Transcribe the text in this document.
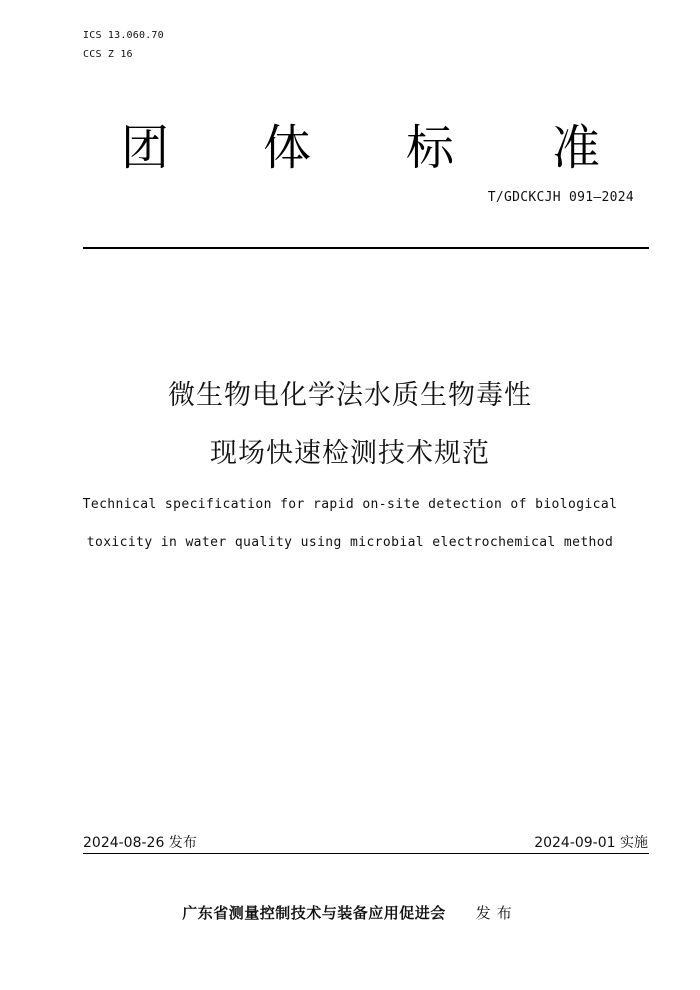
ICS 13.060.70
CCS Z 16
团 体 标 准
T/GDCKCJH 091—2024
微生物电化学法水质生物毒性
现场快速检测技术规范
Technical specification for rapid on-site detection of biological
toxicity in water quality using microbial electrochemical method
2024-08-26 发布	2024-09-01 实施
广东省测量控制技术与装备应用促进会 发布
